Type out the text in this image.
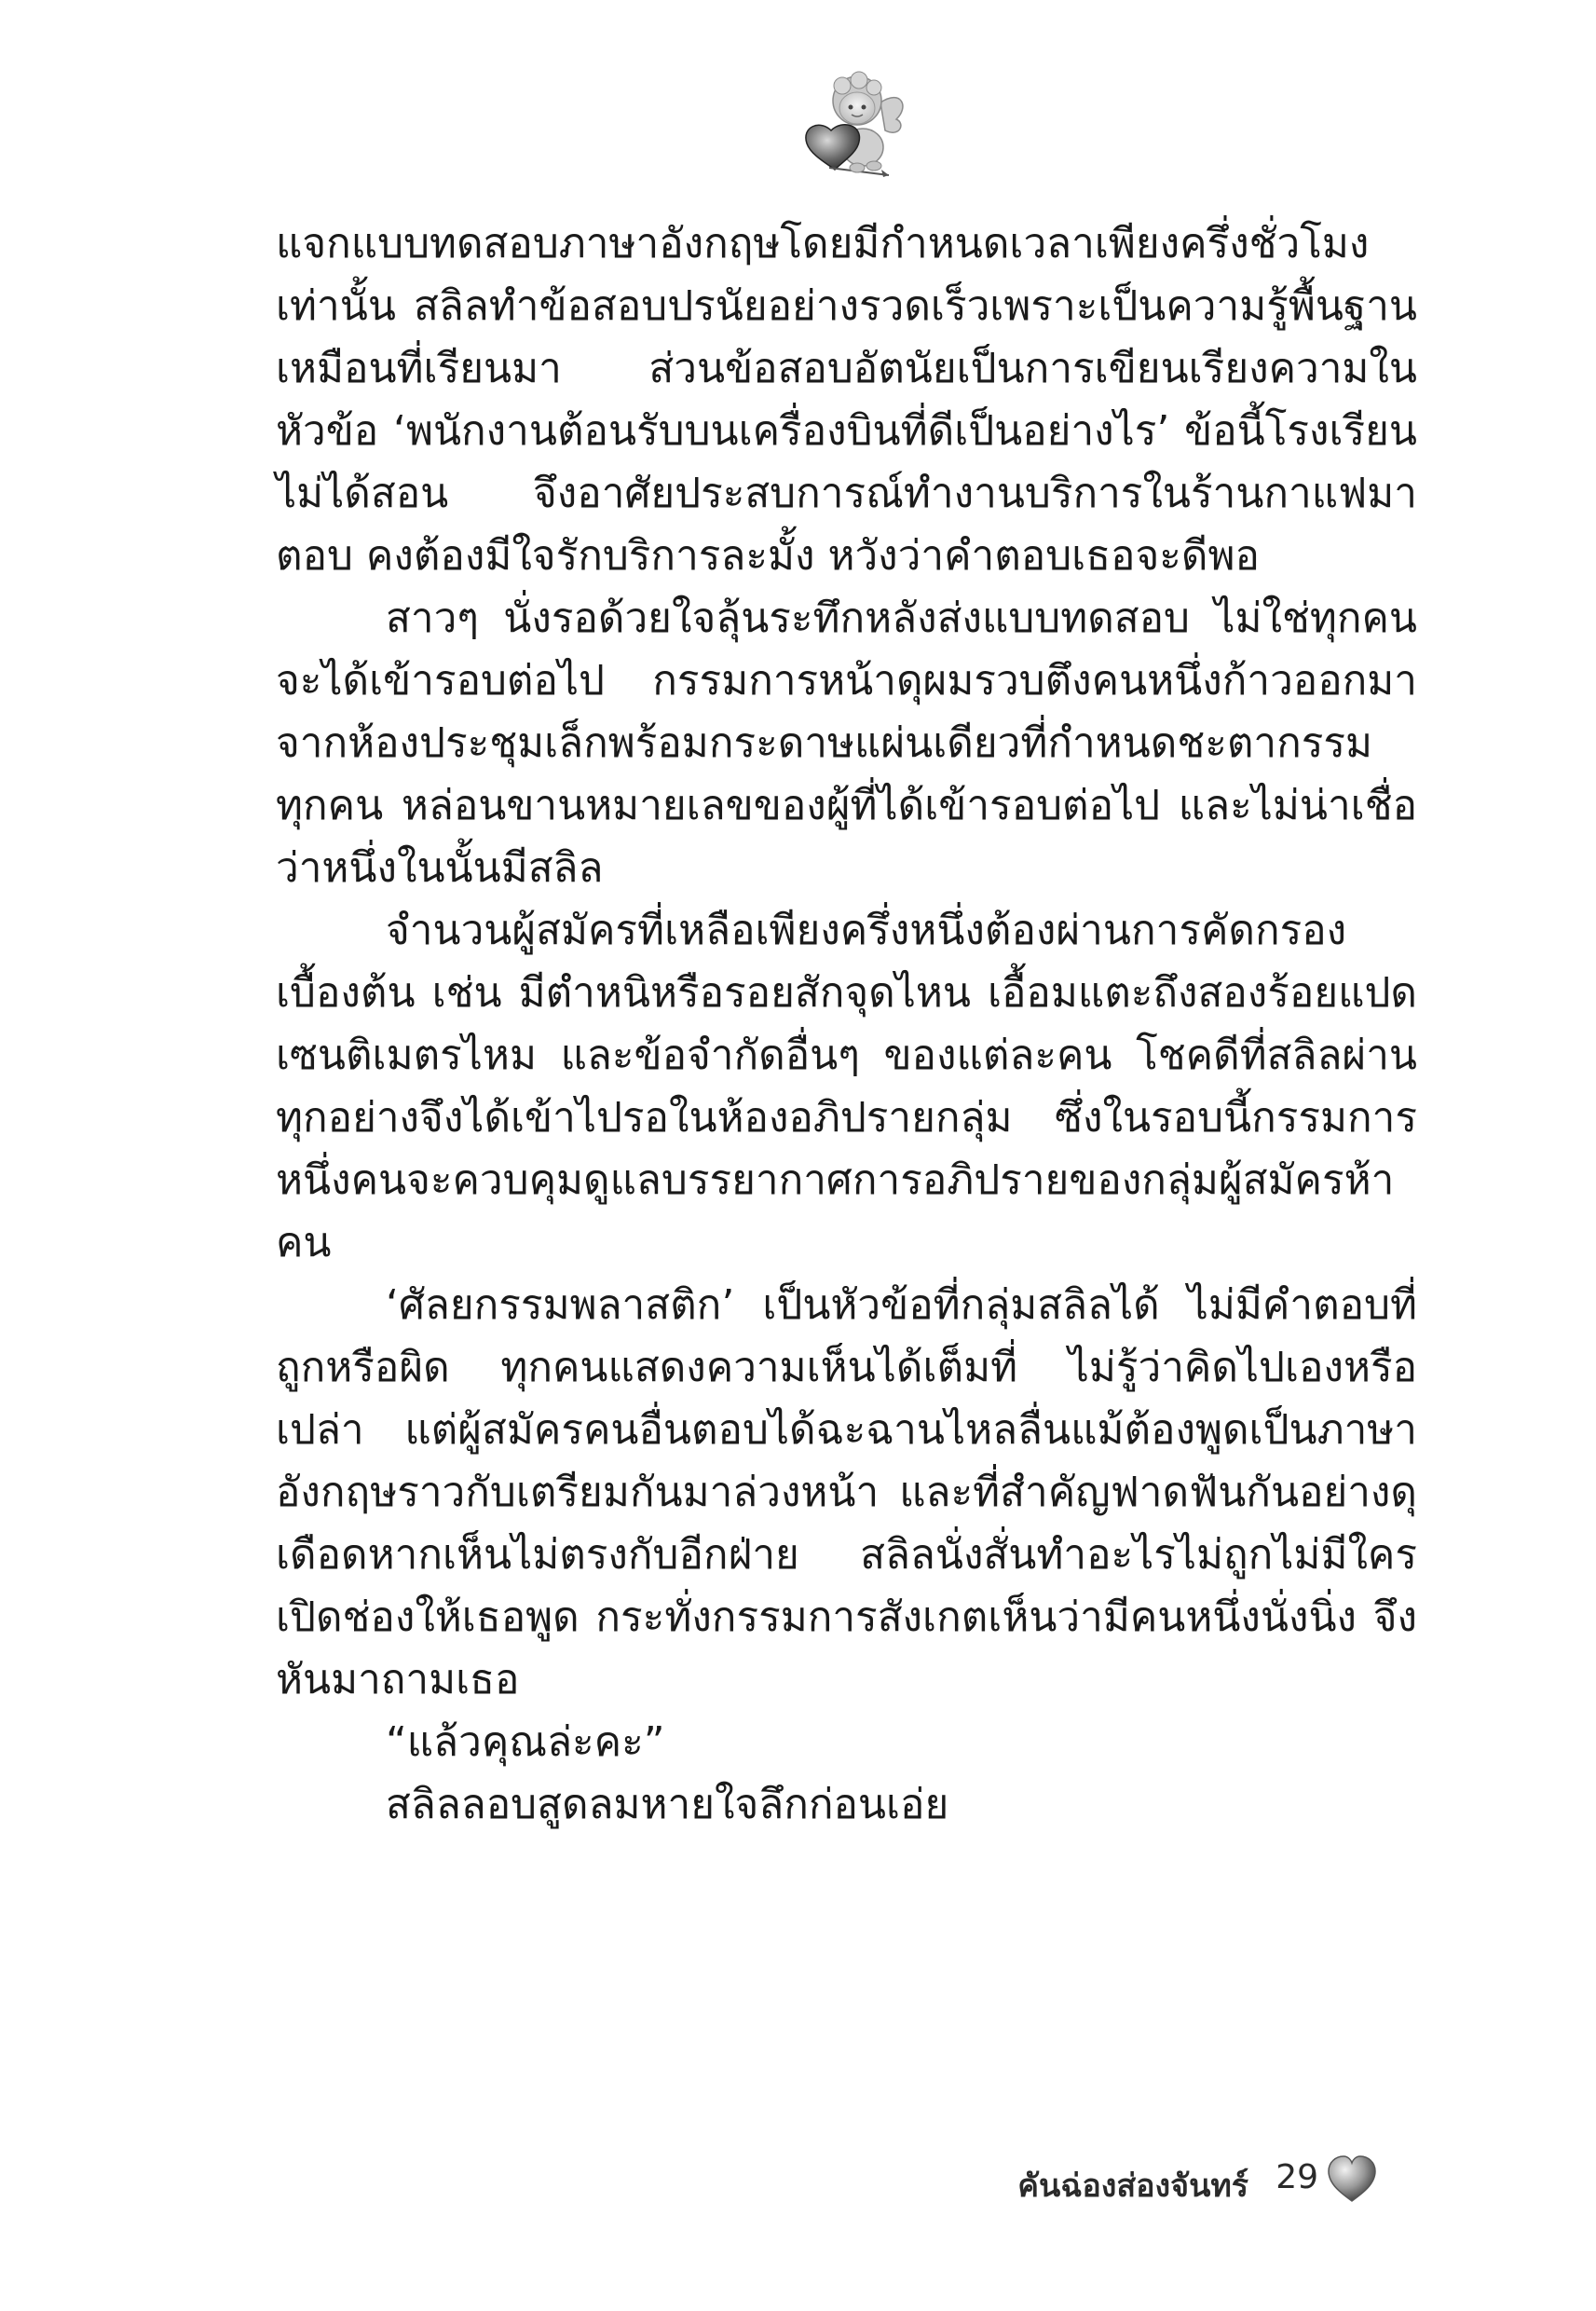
แจกแบบทดสอบภาษาอังกฤษโดยมีกำหนดเวลาเพียงครึ่งชั่วโมงเท่านั้น สลิลทำข้อสอบปรนัยอย่างรวดเร็วเพราะเป็นความรู้พื้นฐานเหมือนที่เรียนมา ส่วนข้อสอบอัตนัยเป็นการเขียนเรียงความในหัวข้อ ‘พนักงานต้อนรับบนเครื่องบินที่ดีเป็นอย่างไร’ ข้อนี้โรงเรียนไม่ได้สอน จึงอาศัยประสบการณ์ทำงานบริการในร้านกาแฟมาตอบ คงต้องมีใจรักบริการละมั้ง หวังว่าคำตอบเธอจะดีพอ

สาวๆ นั่งรอด้วยใจลุ้นระทึกหลังส่งแบบทดสอบ ไม่ใช่ทุกคนจะได้เข้ารอบต่อไป กรรมการหน้าดุผมรวบตึงคนหนึ่งก้าวออกมาจากห้องประชุมเล็กพร้อมกระดาษแผ่นเดียวที่กำหนดชะตากรรมทุกคน หล่อนขานหมายเลขของผู้ที่ได้เข้ารอบต่อไป และไม่น่าเชื่อว่าหนึ่งในนั้นมีสลิล

จำนวนผู้สมัครที่เหลือเพียงครึ่งหนึ่งต้องผ่านการคัดกรองเบื้องต้น เช่น มีตำหนิหรือรอยสักจุดไหน เอื้อมแตะถึงสองร้อยแปดเซนติเมตรไหม และข้อจำกัดอื่นๆ ของแต่ละคน โชคดีที่สลิลผ่านทุกอย่างจึงได้เข้าไปรอในห้องอภิปรายกลุ่ม ซึ่งในรอบนี้กรรมการหนึ่งคนจะควบคุมดูแลบรรยากาศการอภิปรายของกลุ่มผู้สมัครห้าคน

‘ศัลยกรรมพลาสติก’ เป็นหัวข้อที่กลุ่มสลิลได้ ไม่มีคำตอบที่ถูกหรือผิด ทุกคนแสดงความเห็นได้เต็มที่ ไม่รู้ว่าคิดไปเองหรือเปล่า แต่ผู้สมัครคนอื่นตอบได้ฉะฉานไหลลื่นแม้ต้องพูดเป็นภาษาอังกฤษราวกับเตรียมกันมาล่วงหน้า และที่สำคัญฟาดฟันกันอย่างดุเดือดหากเห็นไม่ตรงกับอีกฝ่าย สลิลนั่งสั่นทำอะไรไม่ถูกไม่มีใครเปิดช่องให้เธอพูด กระทั่งกรรมการสังเกตเห็นว่ามีคนหนึ่งนั่งนิ่ง จึงหันมาถามเธอ

“แล้วคุณล่ะคะ”

สลิลลอบสูดลมหายใจลึกก่อนเอ่ย

คันฉ่องส่องจันทร์ 29
